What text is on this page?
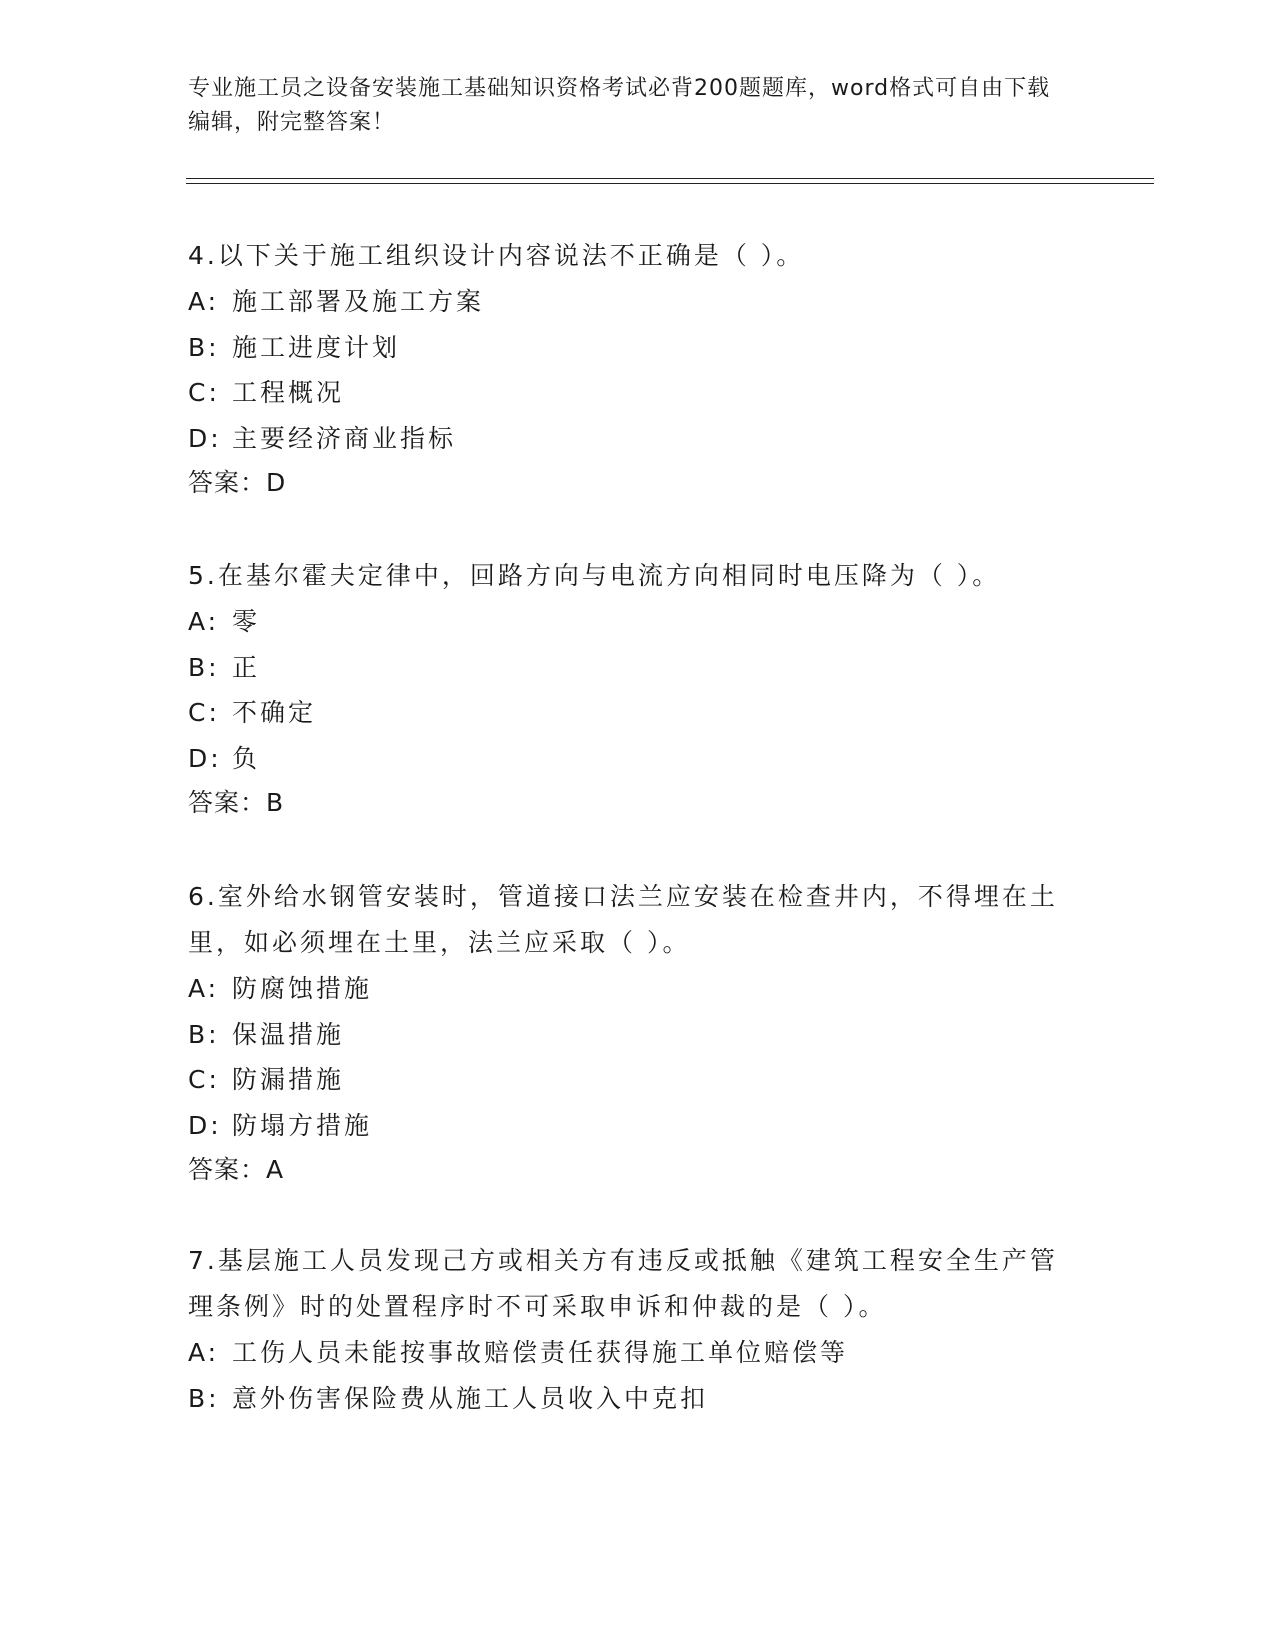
专业施工员之设备安装施工基础知识资格考试必背200题题库，word格式可自由下载编辑，附完整答案！

4.以下关于施工组织设计内容说法不正确是（ ）。

A: 施工部署及施工方案

B: 施工进度计划

C: 工程概况

D: 主要经济商业指标

答案：D

5.在基尔霍夫定律中，回路方向与电流方向相同时电压降为（ ）。

A: 零

B: 正

C: 不确定

D: 负

答案：B

6.室外给水钢管安装时，管道接口法兰应安装在检查井内，不得埋在土里，如必须埋在土里，法兰应采取（ ）。

A: 防腐蚀措施

B: 保温措施

C: 防漏措施

D: 防塌方措施

答案：A

7.基层施工人员发现己方或相关方有违反或抵触《建筑工程安全生产管理条例》时的处置程序时不可采取申诉和仲裁的是（ ）。

A: 工伤人员未能按事故赔偿责任获得施工单位赔偿等

B: 意外伤害保险费从施工人员收入中克扣
